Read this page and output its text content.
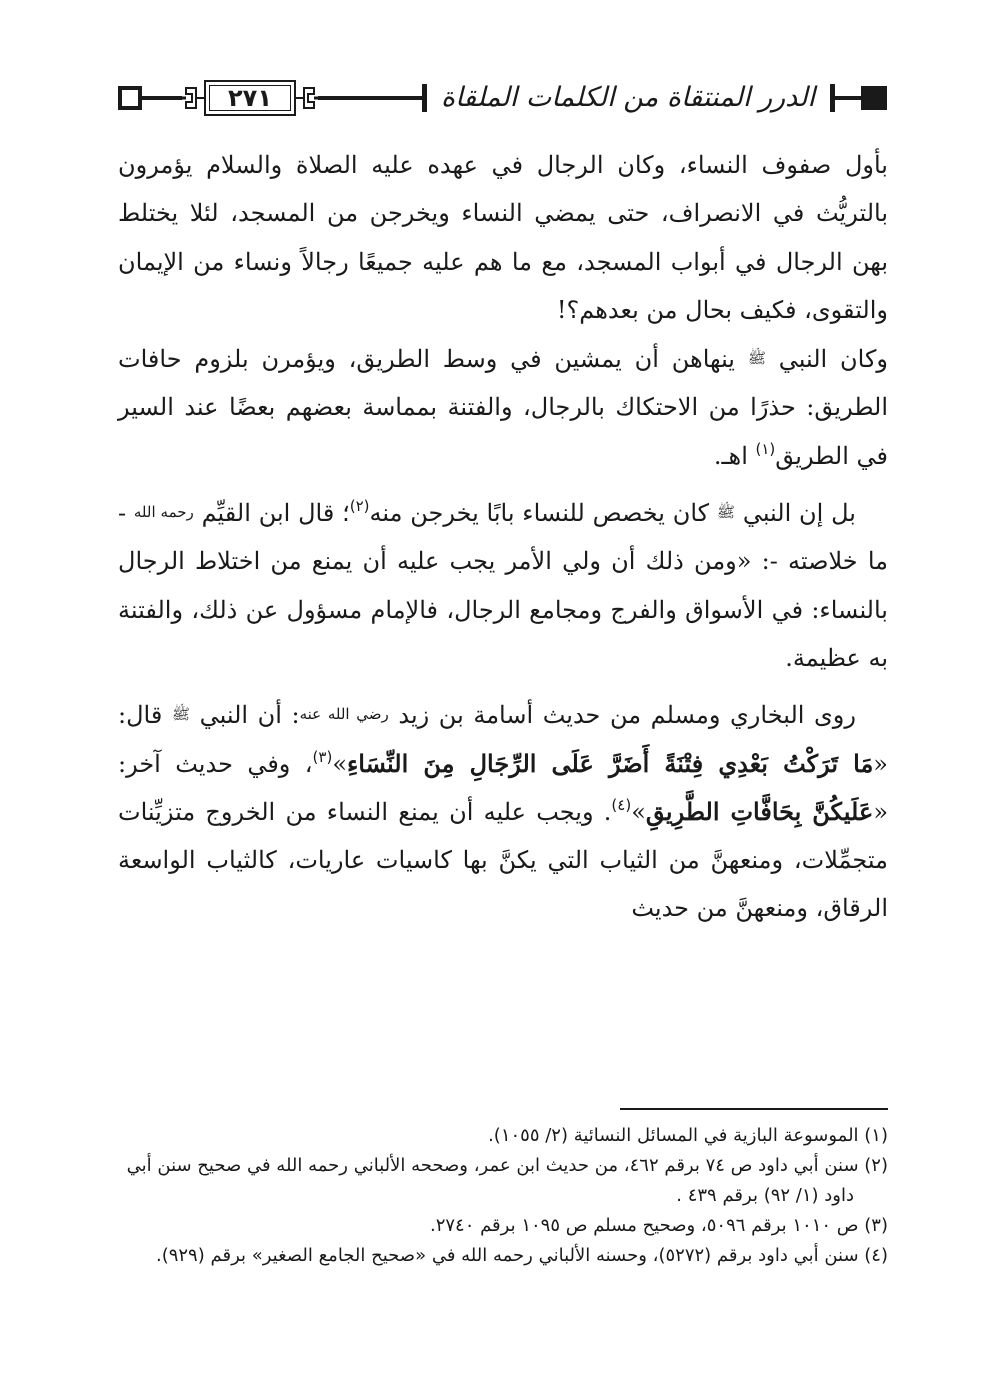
٢٧١	الدرر المنتقاة من الكلمات الملقاة

بأول صفوف النساء، وكان الرجال في عهده عليه الصلاة والسلام يؤمرون بالتريُّث في الانصراف، حتى يمضي النساء ويخرجن من المسجد، لئلا يختلط بهن الرجال في أبواب المسجد، مع ما هم عليه جميعًا رجالاً ونساء من الإيمان والتقوى، فكيف بحال من بعدهم؟!
وكان النبي ﷺ ينهاهن أن يمشين في وسط الطريق، ويؤمرن بلزوم حافات الطريق: حذرًا من الاحتكاك بالرجال، والفتنة بمماسة بعضهم بعضًا عند السير في الطريق$^{(١)}$ اهـ.

بل إن النبي ﷺ كان يخصص للنساء بابًا يخرجن منه$^{(٢)}$؛ قال ابن القيِّم رحمه الله - ما خلاصته -: «ومن ذلك أن ولي الأمر يجب عليه أن يمنع من اختلاط الرجال بالنساء: في الأسواق والفرج ومجامع الرجال، فالإمام مسؤول عن ذلك، والفتنة به عظيمة.

روى البخاري ومسلم من حديث أسامة بن زيد رضي الله عنه: أن النبي ﷺ قال: «مَا تَرَكْتُ بَعْدِي فِتْنَةً أَضَرَّ عَلَى الرِّجَالِ مِنَ النِّسَاءِ»$^{(٣)}$، وفي حديث آخر: «عَلَيكُنَّ بِحَافَّاتِ الطَّرِيقِ»$^{(٤)}$. ويجب عليه أن يمنع النساء من الخروج متزيِّنات متجمِّلات، ومنعهنَّ من الثياب التي يكنَّ بها كاسيات عاريات، كالثياب الواسعة الرقاق، ومنعهنَّ من حديث

(١) الموسوعة البازية في المسائل النسائية (٢/ ١٠٥٥).

(٢) سنن أبي داود ص ٧٤ برقم ٤٦٢، من حديث ابن عمر، وصححه الألباني رحمه الله في صحيح سنن أبي داود (١/ ٩٢) برقم ٤٣٩ .

(٣) ص ١٠١٠ برقم ٥٠٩٦، وصحيح مسلم ص ١٠٩٥ برقم ٢٧٤٠.

(٤) سنن أبي داود برقم (٥٢٧٢)، وحسنه الألباني رحمه الله في «صحيح الجامع الصغير» برقم (٩٢٩).
